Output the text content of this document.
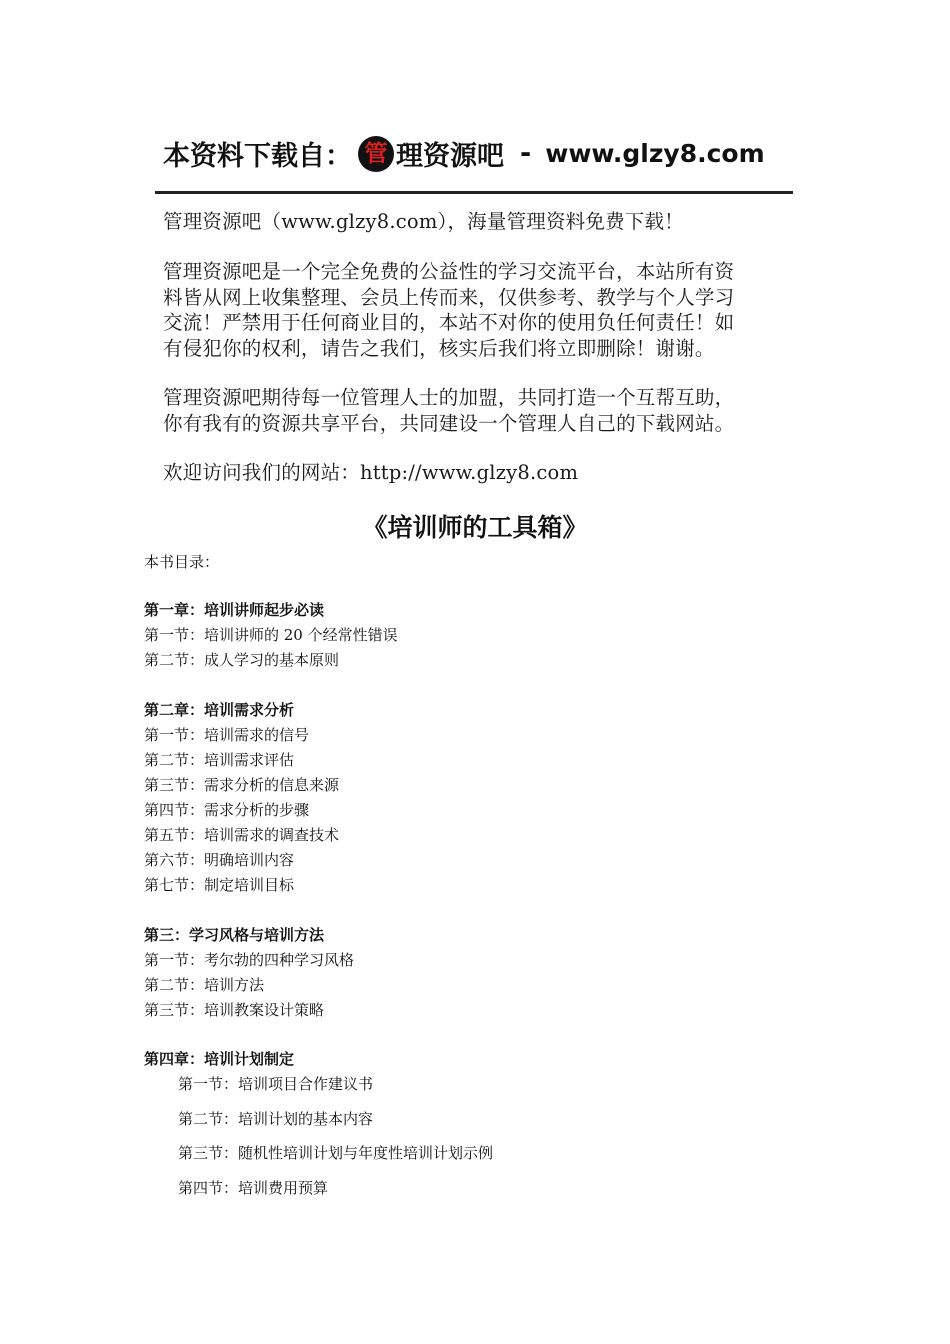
本资料下载自： 管 理资源吧 - www.glzy8.com
管理资源吧（www.glzy8.com），海量管理资料免费下载！
管理资源吧是一个完全免费的公益性的学习交流平台，本站所有资
料皆从网上收集整理、会员上传而来，仅供参考、教学与个人学习
交流！严禁用于任何商业目的，本站不对你的使用负任何责任！如
有侵犯你的权利，请告之我们，核实后我们将立即删除！谢谢。
管理资源吧期待每一位管理人士的加盟，共同打造一个互帮互助，
你有我有的资源共享平台，共同建设一个管理人自己的下载网站。
欢迎访问我们的网站：http://www.glzy8.com
《培训师的工具箱》
本书目录：
第一章：培训讲师起步必读
第一节：培训讲师的 20 个经常性错误
第二节：成人学习的基本原则
第二章：培训需求分析
第一节：培训需求的信号
第二节：培训需求评估
第三节：需求分析的信息来源
第四节：需求分析的步骤
第五节：培训需求的调查技术
第六节：明确培训内容
第七节：制定培训目标
第三：学习风格与培训方法
第一节：考尔勃的四种学习风格
第二节：培训方法
第三节：培训教案设计策略
第四章：培训计划制定
第一节：培训项目合作建议书
第二节：培训计划的基本内容
第三节：随机性培训计划与年度性培训计划示例
第四节：培训费用预算
